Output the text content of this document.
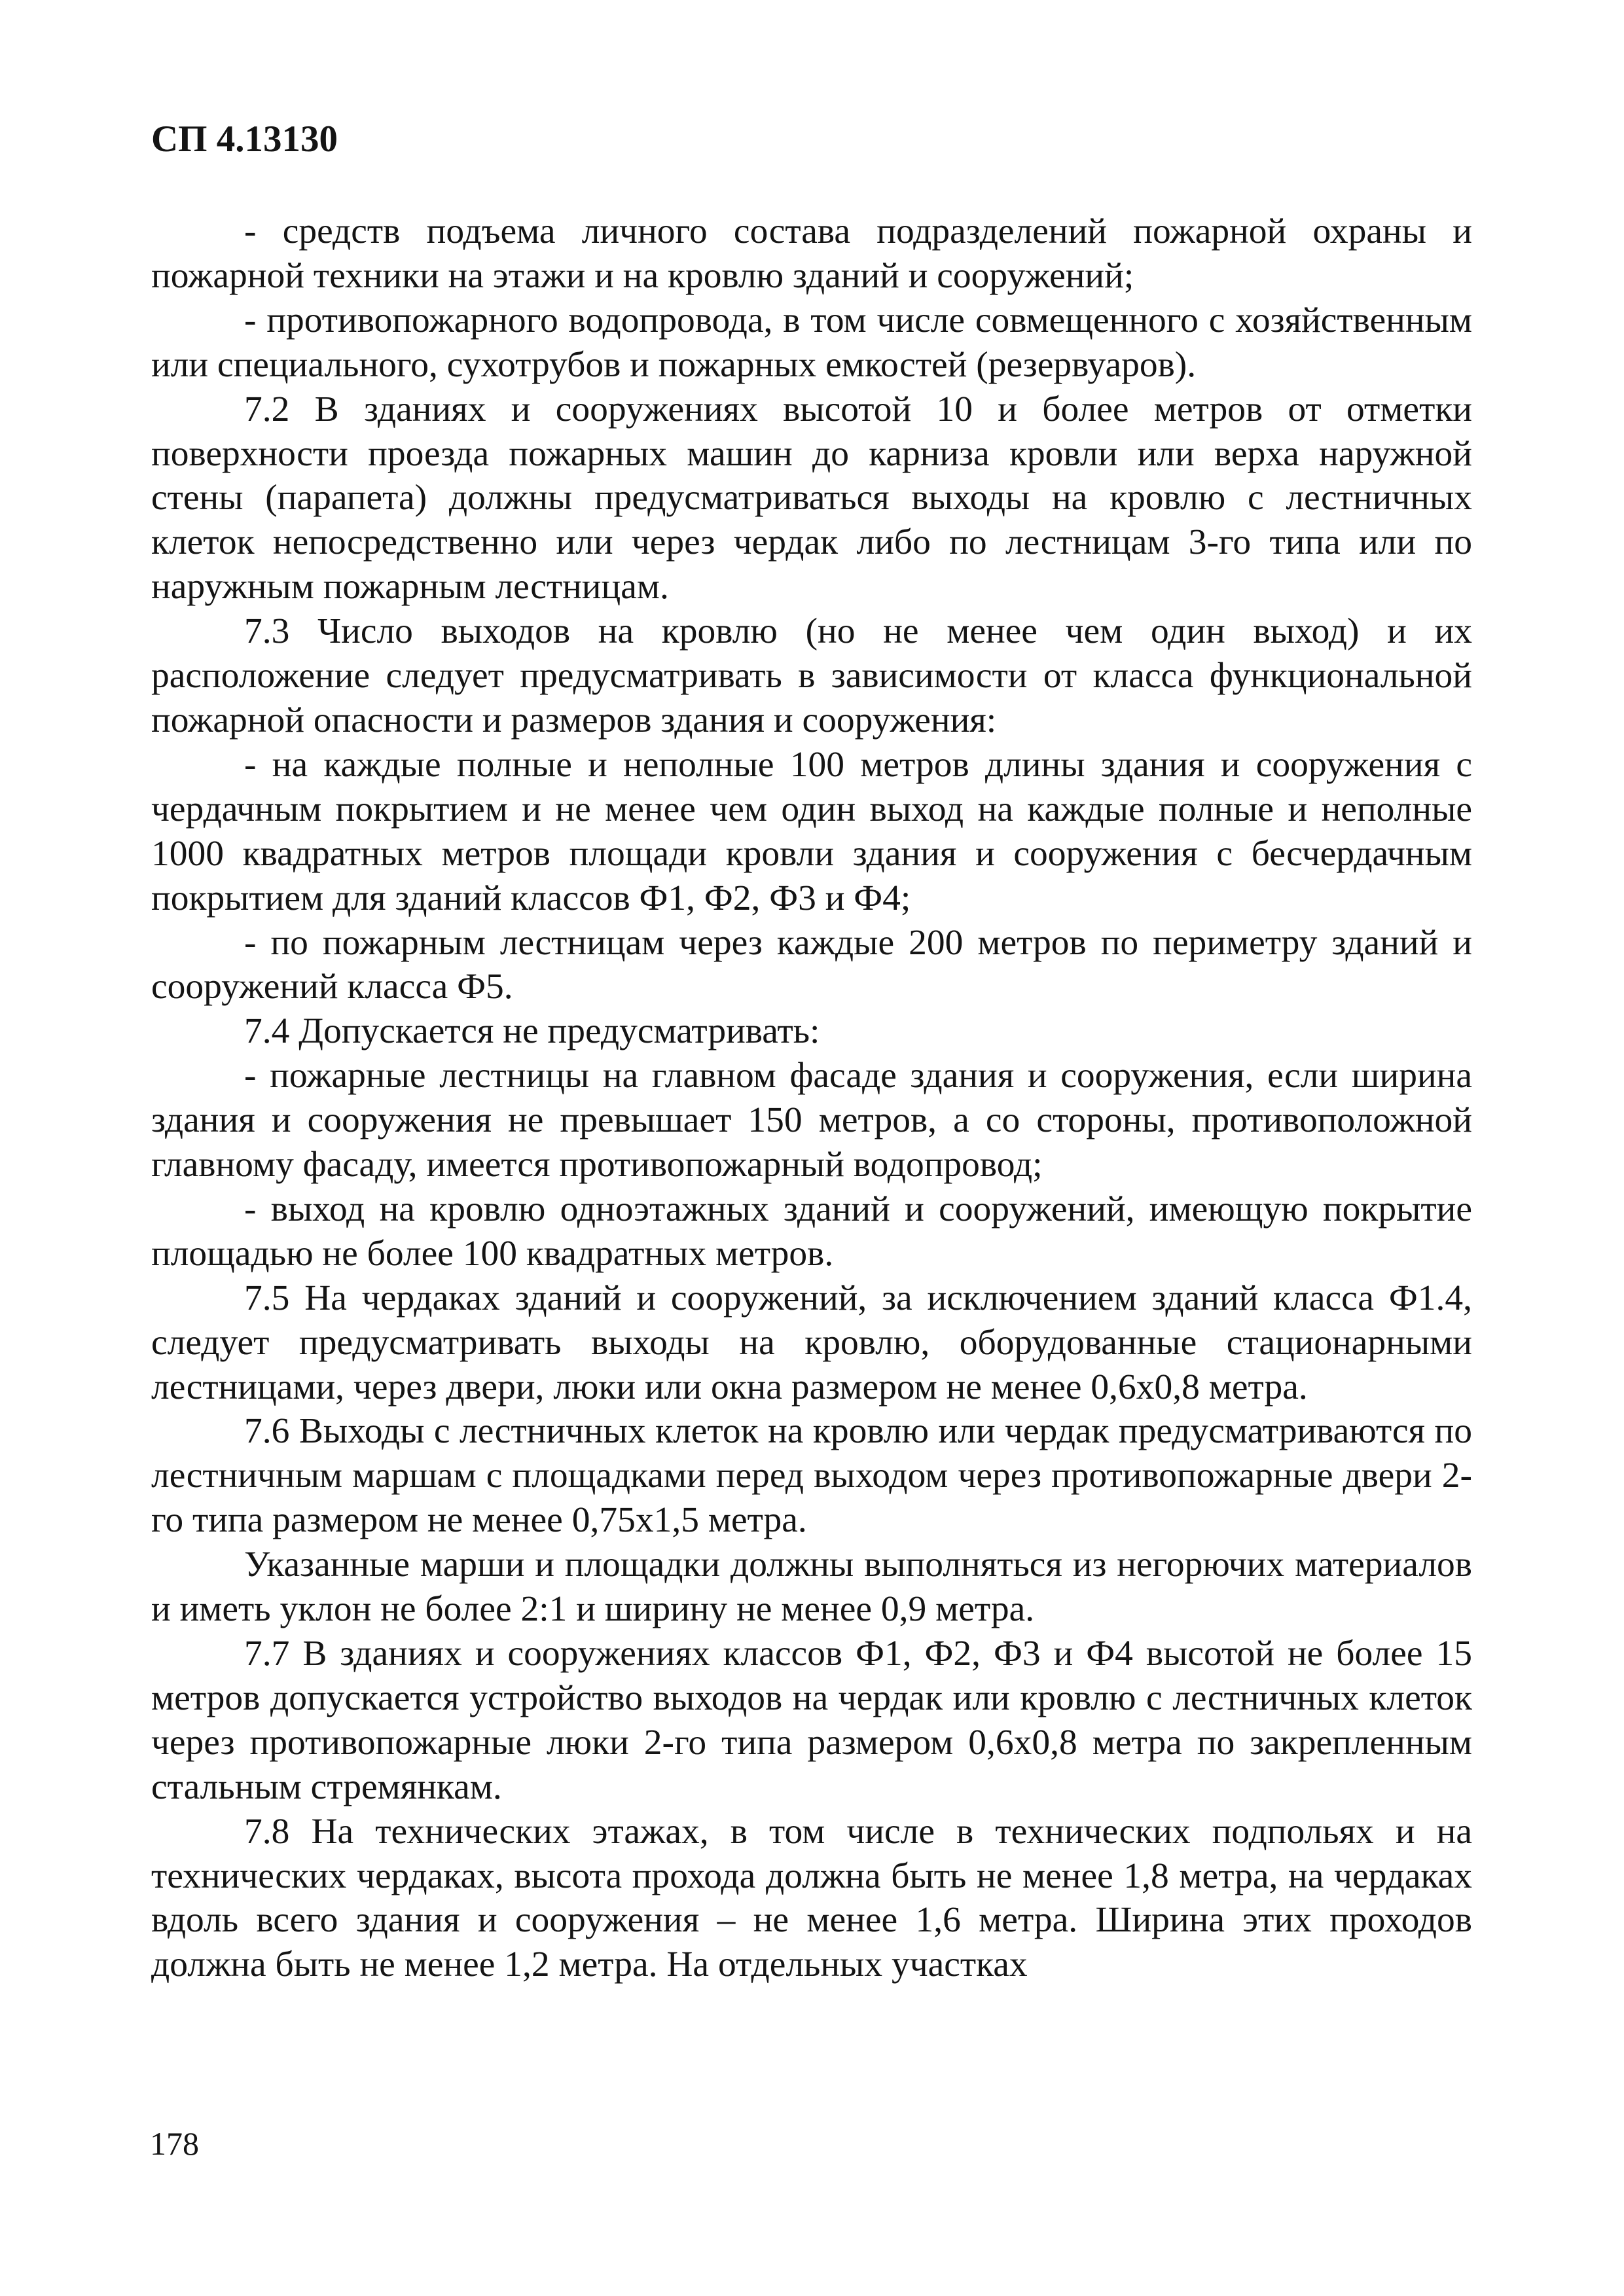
СП 4.13130

- средств подъема личного состава подразделений пожарной охраны и пожарной техники на этажи и на кровлю зданий и сооружений;

- противопожарного водопровода, в том числе совмещенного с хозяйственным или специального, сухотрубов и пожарных емкостей (резервуаров).

7.2 В зданиях и сооружениях высотой 10 и более метров от отметки поверхности проезда пожарных машин до карниза кровли или верха наружной стены (парапета) должны предусматриваться выходы на кровлю с лестничных клеток непосредственно или через чердак либо по лестницам 3-го типа или по наружным пожарным лестницам.

7.3 Число выходов на кровлю (но не менее чем один выход) и их расположение следует предусматривать в зависимости от класса функциональной пожарной опасности и размеров здания и сооружения:

- на каждые полные и неполные 100 метров длины здания и сооружения с чердачным покрытием и не менее чем один выход на каждые полные и неполные 1000 квадратных метров площади кровли здания и сооружения с бесчердачным покрытием для зданий классов Ф1, Ф2, Ф3 и Ф4;

- по пожарным лестницам через каждые 200 метров по периметру зданий и сооружений класса Ф5.

7.4 Допускается не предусматривать:

- пожарные лестницы на главном фасаде здания и сооружения, если ширина здания и сооружения не превышает 150 метров, а со стороны, противоположной главному фасаду, имеется противопожарный водопровод;

- выход на кровлю одноэтажных зданий и сооружений, имеющую покрытие площадью не более 100 квадратных метров.

7.5 На чердаках зданий и сооружений, за исключением зданий класса Ф1.4, следует предусматривать выходы на кровлю, оборудованные стационарными лестницами, через двери, люки или окна размером не менее 0,6х0,8 метра.

7.6 Выходы с лестничных клеток на кровлю или чердак предусматриваются по лестничным маршам с площадками перед выходом через противопожарные двери 2-го типа размером не менее 0,75х1,5 метра.

Указанные марши и площадки должны выполняться из негорючих материалов и иметь уклон не более 2:1 и ширину не менее 0,9 метра.

7.7 В зданиях и сооружениях классов Ф1, Ф2, Ф3 и Ф4 высотой не более 15 метров допускается устройство выходов на чердак или кровлю с лестничных клеток через противопожарные люки 2-го типа размером 0,6х0,8 метра по закрепленным стальным стремянкам.

7.8 На технических этажах, в том числе в технических подпольях и на технических чердаках, высота прохода должна быть не менее 1,8 метра, на чердаках вдоль всего здания и сооружения – не менее 1,6 метра. Ширина этих проходов должна быть не менее 1,2 метра. На отдельных участках

178
